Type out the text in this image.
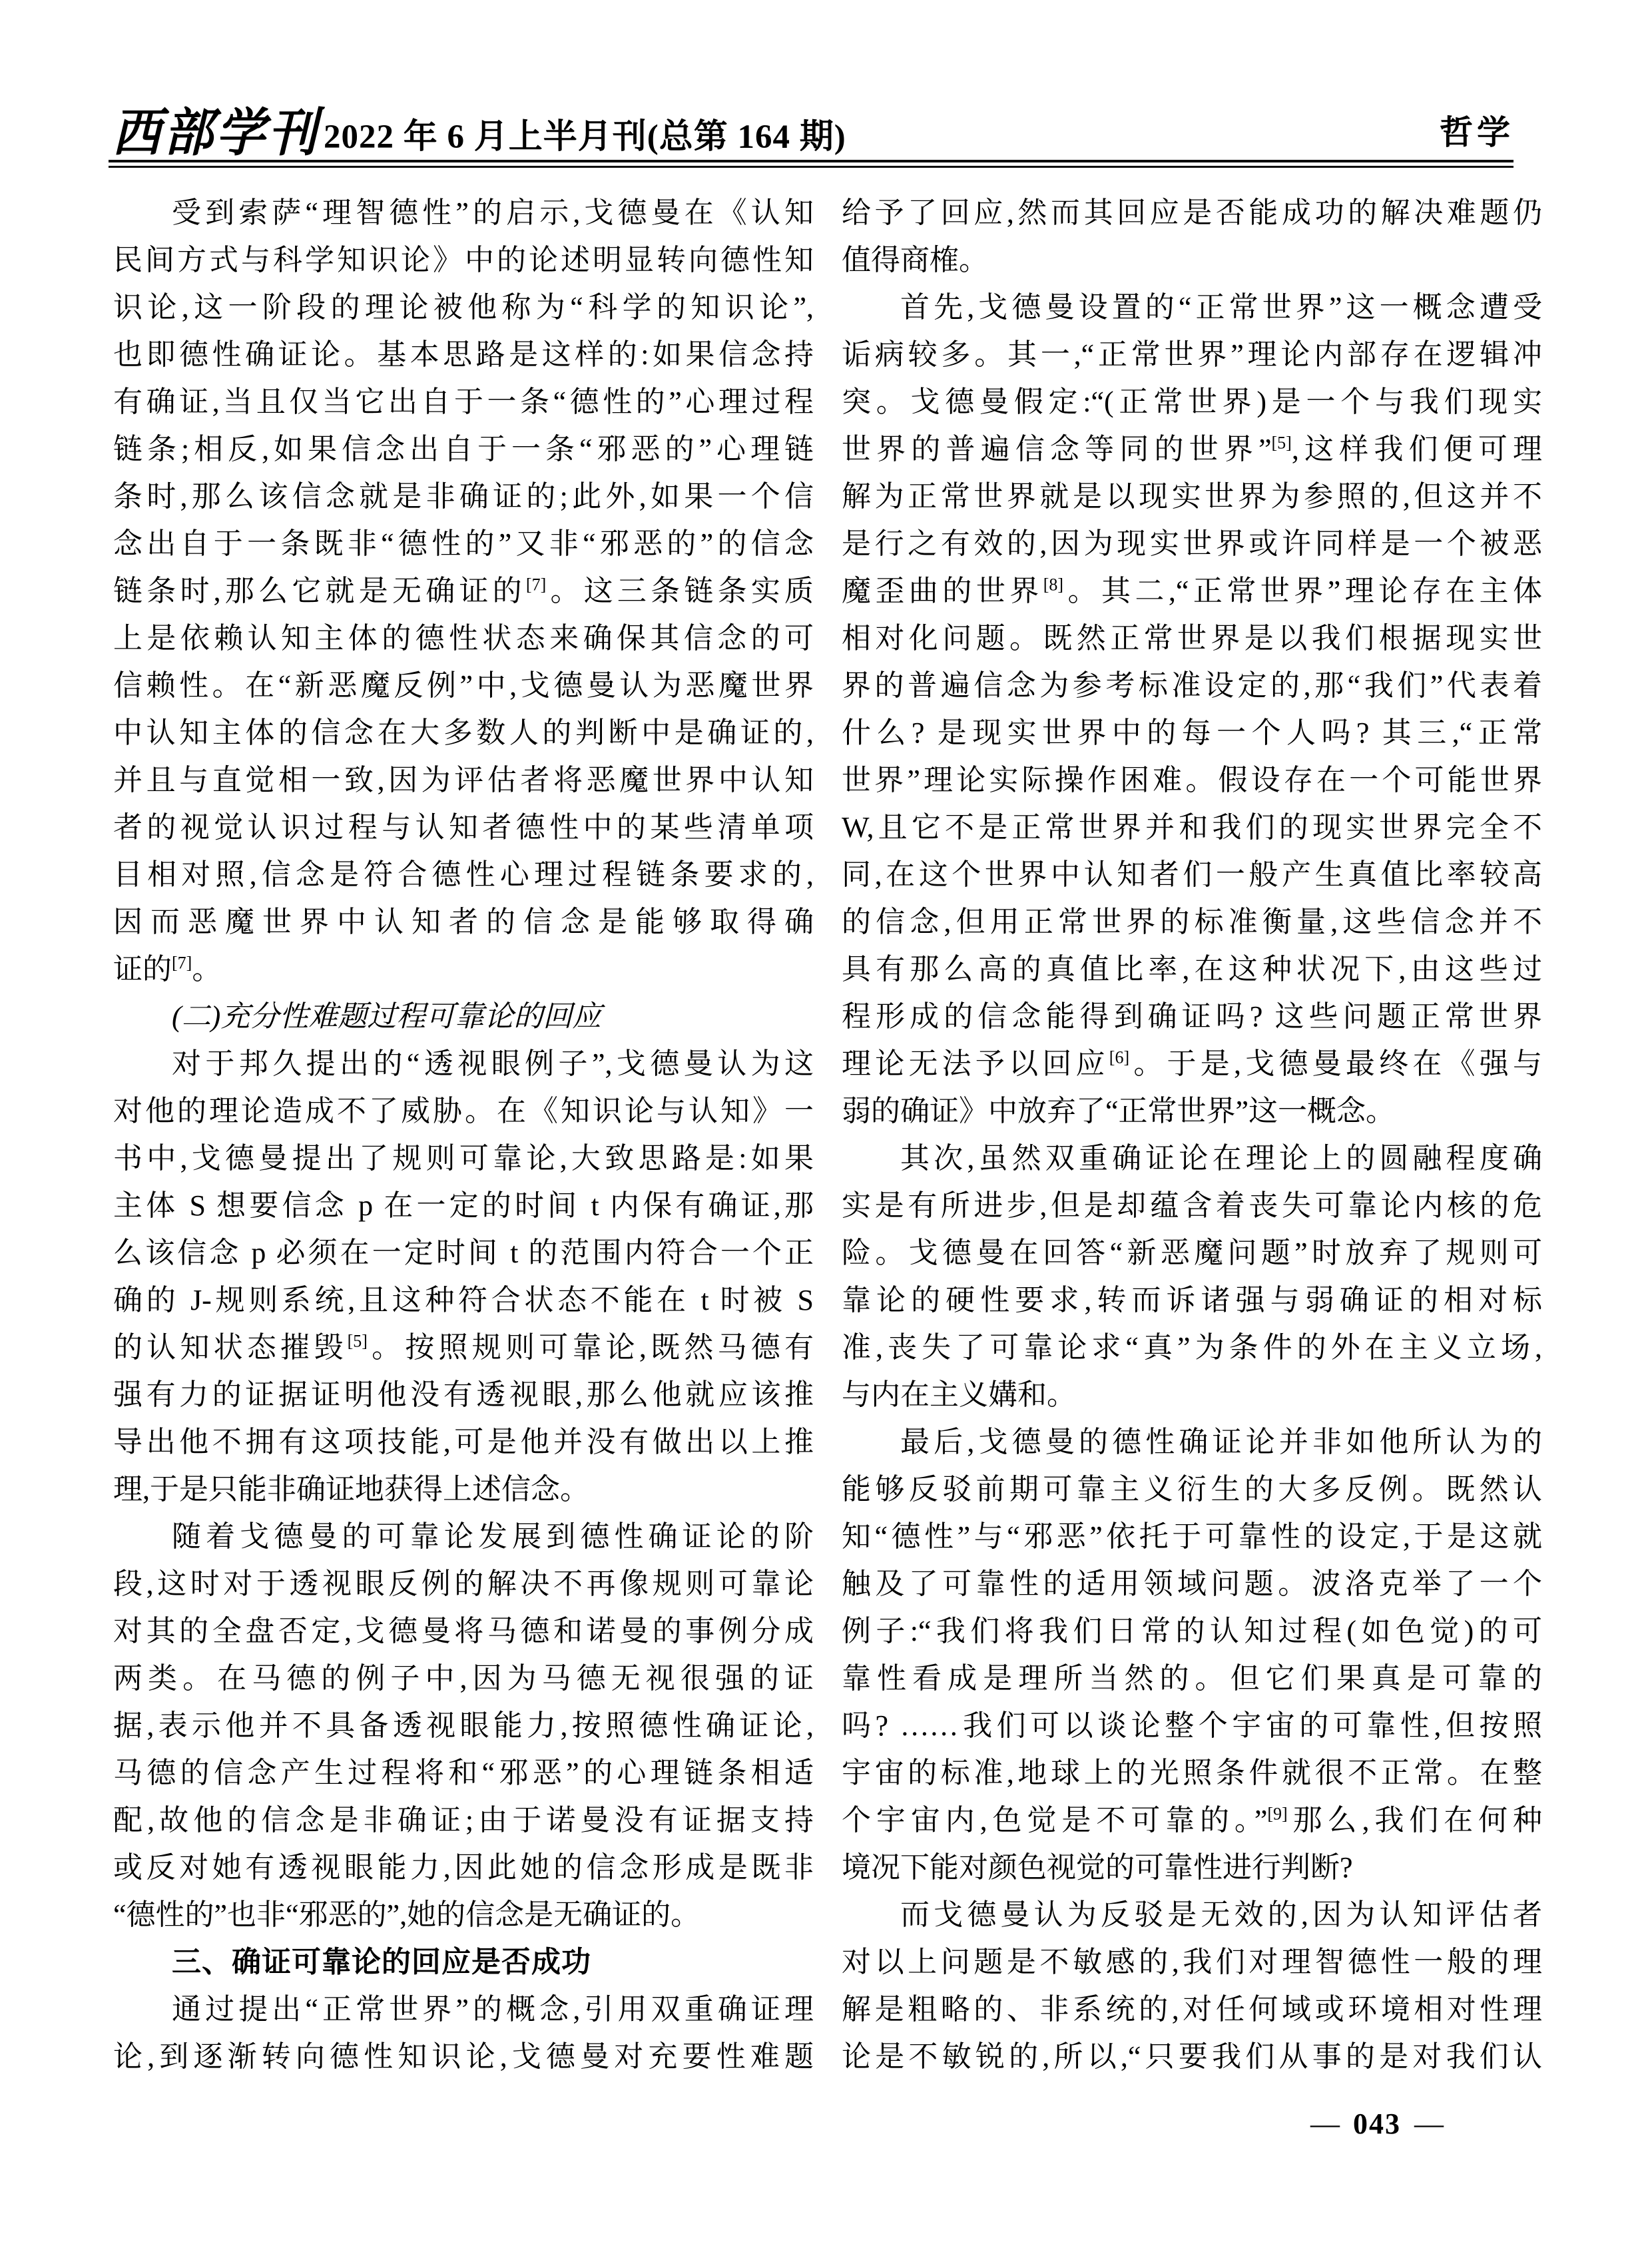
西部学刊 2022 年 6 月上半月刊(总第 164 期)	哲学
受到索萨“理智德性”的启示,戈德曼在《认知
民间方式与科学知识论》中的论述明显转向德性知
识论,这一阶段的理论被他称为“科学的知识论”,
也即德性确证论。基本思路是这样的:如果信念持
有确证,当且仅当它出自于一条“德性的”心理过程
链条;相反,如果信念出自于一条“邪恶的”心理链
条时,那么该信念就是非确证的;此外,如果一个信
念出自于一条既非“德性的”又非“邪恶的”的信念
链条时,那么它就是无确证的[7]。这三条链条实质
上是依赖认知主体的德性状态来确保其信念的可
信赖性。在“新恶魔反例”中,戈德曼认为恶魔世界
中认知主体的信念在大多数人的判断中是确证的,
并且与直觉相一致,因为评估者将恶魔世界中认知
者的视觉认识过程与认知者德性中的某些清单项
目相对照,信念是符合德性心理过程链条要求的,
因而恶魔世界中认知者的信念是能够取得确
证的[7]。
(二)充分性难题过程可靠论的回应
对于邦久提出的“透视眼例子”,戈德曼认为这
对他的理论造成不了威胁。在《知识论与认知》一
书中,戈德曼提出了规则可靠论,大致思路是:如果
主体 S 想要信念 p 在一定的时间 t 内保有确证,那
么该信念 p 必须在一定时间 t 的范围内符合一个正
确的 J-规则系统,且这种符合状态不能在 t 时被 S
的认知状态摧毁[5]。按照规则可靠论,既然马德有
强有力的证据证明他没有透视眼,那么他就应该推
导出他不拥有这项技能,可是他并没有做出以上推
理,于是只能非确证地获得上述信念。
随着戈德曼的可靠论发展到德性确证论的阶
段,这时对于透视眼反例的解决不再像规则可靠论
对其的全盘否定,戈德曼将马德和诺曼的事例分成
两类。在马德的例子中,因为马德无视很强的证
据,表示他并不具备透视眼能力,按照德性确证论,
马德的信念产生过程将和“邪恶”的心理链条相适
配,故他的信念是非确证;由于诺曼没有证据支持
或反对她有透视眼能力,因此她的信念形成是既非
“德性的”也非“邪恶的”,她的信念是无确证的。
三、确证可靠论的回应是否成功
通过提出“正常世界”的概念,引用双重确证理
论,到逐渐转向德性知识论,戈德曼对充要性难题
给予了回应,然而其回应是否能成功的解决难题仍
值得商榷。
首先,戈德曼设置的“正常世界”这一概念遭受
诟病较多。其一,“正常世界”理论内部存在逻辑冲
突。戈德曼假定:“(正常世界)是一个与我们现实
世界的普遍信念等同的世界”[5],这样我们便可理
解为正常世界就是以现实世界为参照的,但这并不
是行之有效的,因为现实世界或许同样是一个被恶
魔歪曲的世界[8]。其二,“正常世界”理论存在主体
相对化问题。既然正常世界是以我们根据现实世
界的普遍信念为参考标准设定的,那“我们”代表着
什么? 是现实世界中的每一个人吗? 其三,“正常
世界”理论实际操作困难。假设存在一个可能世界
W,且它不是正常世界并和我们的现实世界完全不
同,在这个世界中认知者们一般产生真值比率较高
的信念,但用正常世界的标准衡量,这些信念并不
具有那么高的真值比率,在这种状况下,由这些过
程形成的信念能得到确证吗? 这些问题正常世界
理论无法予以回应[6]。于是,戈德曼最终在《强与
弱的确证》中放弃了“正常世界”这一概念。
其次,虽然双重确证论在理论上的圆融程度确
实是有所进步,但是却蕴含着丧失可靠论内核的危
险。戈德曼在回答“新恶魔问题”时放弃了规则可
靠论的硬性要求,转而诉诸强与弱确证的相对标
准,丧失了可靠论求“真”为条件的外在主义立场,
与内在主义媾和。
最后,戈德曼的德性确证论并非如他所认为的
能够反驳前期可靠主义衍生的大多反例。既然认
知“德性”与“邪恶”依托于可靠性的设定,于是这就
触及了可靠性的适用领域问题。波洛克举了一个
例子:“我们将我们日常的认知过程(如色觉)的可
靠性看成是理所当然的。但它们果真是可靠的
吗? ……我们可以谈论整个宇宙的可靠性,但按照
宇宙的标准,地球上的光照条件就很不正常。在整
个宇宙内,色觉是不可靠的。”[9]那么,我们在何种
境况下能对颜色视觉的可靠性进行判断?
而戈德曼认为反驳是无效的,因为认知评估者
对以上问题是不敏感的,我们对理智德性一般的理
解是粗略的、非系统的,对任何域或环境相对性理
论是不敏锐的,所以,“只要我们从事的是对我们认
— 043 —
